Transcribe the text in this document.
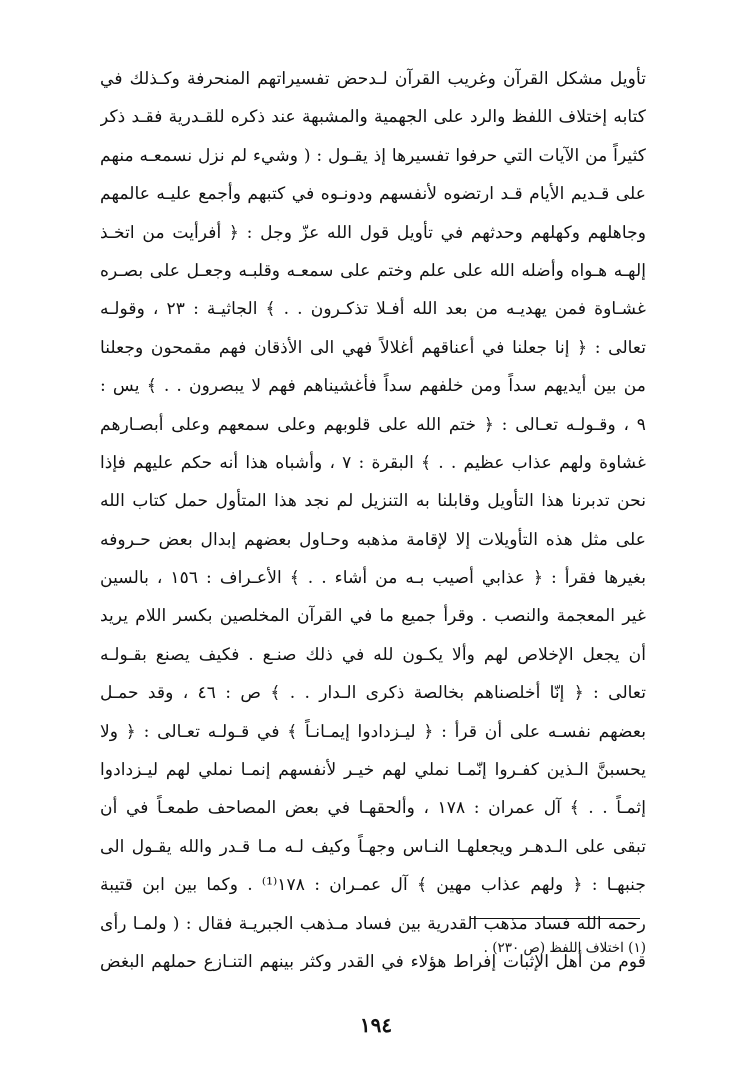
تأويل مشكل القرآن وغريب القرآن لـدحض تفسيراتهم المنحرفة وكـذلك في
كتابه إختلاف اللفظ والرد على الجهمية والمشبهة عند ذكره للقـدرية فقـد ذكر
كثيراً من الآيات التي حرفوا تفسيرها إذ يقـول : ( وشيء لم نزل نسمعـه منهم
على قـديم الأيام قـد ارتضوه لأنفسهم ودونـوه في كتبهم وأجمع عليـه عالمهم
وجاهلهم وكهلهم وحدثهم في تأويل قول الله عزّ وجل : ﴿ أفرأيت من اتخـذ
إلهـه هـواه وأضله الله على علم وختم على سمعـه وقلبـه وجعـل على بصـره
غشـاوة فمن يهديـه من بعد الله أفـلا تذكـرون . . ﴾ الجاثيـة : ٢٣ ، وقولـه
تعالى : ﴿ إنا جعلنا في أعناقهم أغلالاً فهي الى الأذقان فهم مقمحون وجعلنا
من بين أيديهم سداً ومن خلفهم سداً فأغشيناهم فهم لا يبصرون . . ﴾ يس :
٩ ، وقـولـه تعـالى : ﴿ ختم الله على قلوبهم وعلى سمعهم وعلى أبصـارهم
غشاوة ولهم عذاب عظيم . . ﴾ البقرة : ٧ ، وأشباه هذا أنه حكم عليهم فإذا
نحن تدبرنا هذا التأويل وقابلنا به التنزيل لم نجد هذا المتأول حمل كتاب الله
على مثل هذه التأويلات إلا لإقامة مذهبه وحـاول بعضهم إبدال بعض حـروفه
بغيرها فقرأ : ﴿ عذابي أصيب بـه من أشاء . . ﴾ الأعـراف : ١٥٦ ، بالسين
غير المعجمة والنصب . وقرأ جميع ما في القرآن المخلصين بكسر اللام يريد
أن يجعل الإخلاص لهم وألا يكـون لله في ذلك صنـع . فكيف يصنع بقـولـه
تعالى : ﴿ إنّا أخلصناهم بخالصة ذكرى الـدار . . ﴾ ص : ٤٦ ، وقد حمـل
بعضهم نفسـه على أن قرأ : ﴿ ليـزدادوا إيمـانـاً ﴾ في قـولـه تعـالى : ﴿ ولا
يحسبنَّ الـذين كفـروا إنّمـا نملي لهم خيـر لأنفسهم إنمـا نملي لهم ليـزدادوا
إثمـاً . . ﴾ آل عمران : ١٧٨ ، وألحقهـا في بعض المصاحف طمعـاً في أن
تبقى على الـدهـر ويجعلهـا النـاس وجهـاً وكيف لـه مـا قـدر والله يقـول الى
جنبهـا : ﴿ ولهم عذاب مهين ﴾ آل عمـران : ١٧٨⁽¹⁾ . وكما بين ابن قتيبة
رحمه الله فساد مذهب القدرية بين فساد مـذهب الجبريـة فقال : ( ولمـا رأى
قوم من أهل الإثبات إفراط هؤلاء في القدر وكثر بينهم التنـازع حملهم البغض
(١) اختلاف اللفظ (ص ٢٣٠) .
١٩٤
